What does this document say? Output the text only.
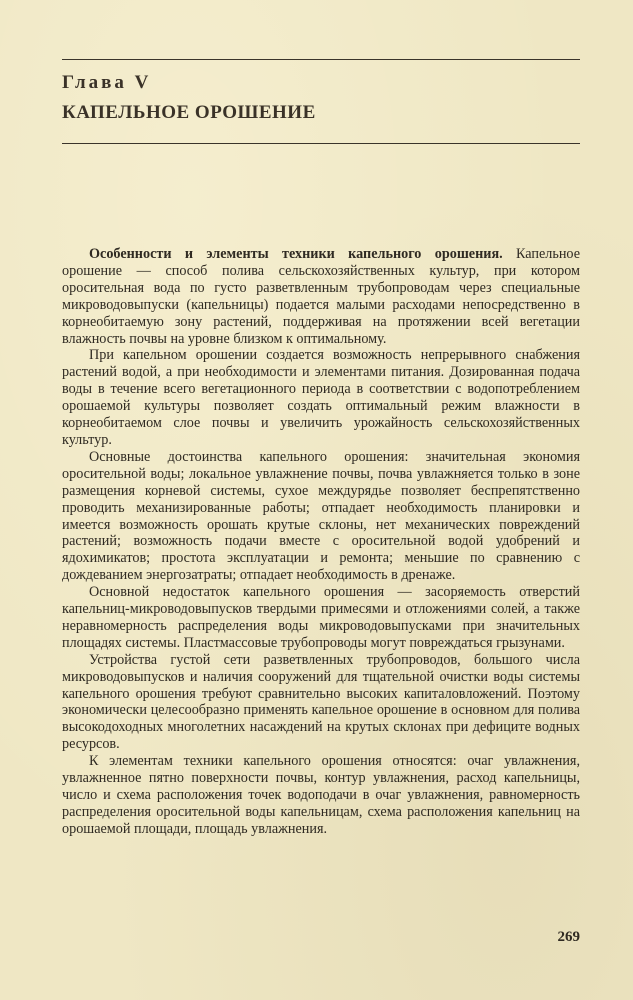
Глава V
КАПЕЛЬНОЕ ОРОШЕНИЕ

Особенности и элементы техники капельного орошения. Капельное орошение — способ полива сельскохозяйственных культур, при котором оросительная вода по густо разветвленным трубопроводам через специальные микроводовыпуски (капельницы) подается малыми расходами непосредственно в корнеобитаемую зону растений, поддерживая на протяжении всей вегетации влажность почвы на уровне близком к оптимальному.

При капельном орошении создается возможность непрерывного снабжения растений водой, а при необходимости и элементами питания. Дозированная подача воды в течение всего вегетационного периода в соответствии с водопотреблением орошаемой культуры позволяет создать оптимальный режим влажности в корнеобитаемом слое почвы и увеличить урожайность сельскохозяйственных культур.

Основные достоинства капельного орошения: значительная экономия оросительной воды; локальное увлажнение почвы, почва увлажняется только в зоне размещения корневой системы, сухое междурядье позволяет беспрепятственно проводить механизированные работы; отпадает необходимость планировки и имеется возможность орошать крутые склоны, нет механических повреждений растений; возможность подачи вместе с оросительной водой удобрений и ядохимикатов; простота эксплуатации и ремонта; меньшие по сравнению с дождеванием энергозатраты; отпадает необходимость в дренаже.

Основной недостаток капельного орошения — засоряемость отверстий капельниц-микроводовыпусков твердыми примесями и отложениями солей, а также неравномерность распределения воды микроводовыпусками при значительных площадях системы. Пластмассовые трубопроводы могут повреждаться грызунами.

Устройства густой сети разветвленных трубопроводов, большого числа микроводовыпусков и наличия сооружений для тщательной очистки воды системы капельного орошения требуют сравнительно высоких капиталовложений. Поэтому экономически целесообразно применять капельное орошение в основном для полива высокодоходных многолетних насаждений на крутых склонах при дефиците водных ресурсов.

К элементам техники капельного орошения относятся: очаг увлажнения, увлажненное пятно поверхности почвы, контур увлажнения, расход капельницы, число и схема расположения точек водоподачи в очаг увлажнения, равномерность распределения оросительной воды капельницам, схема расположения капельниц на орошаемой площади, площадь увлажнения.

269
